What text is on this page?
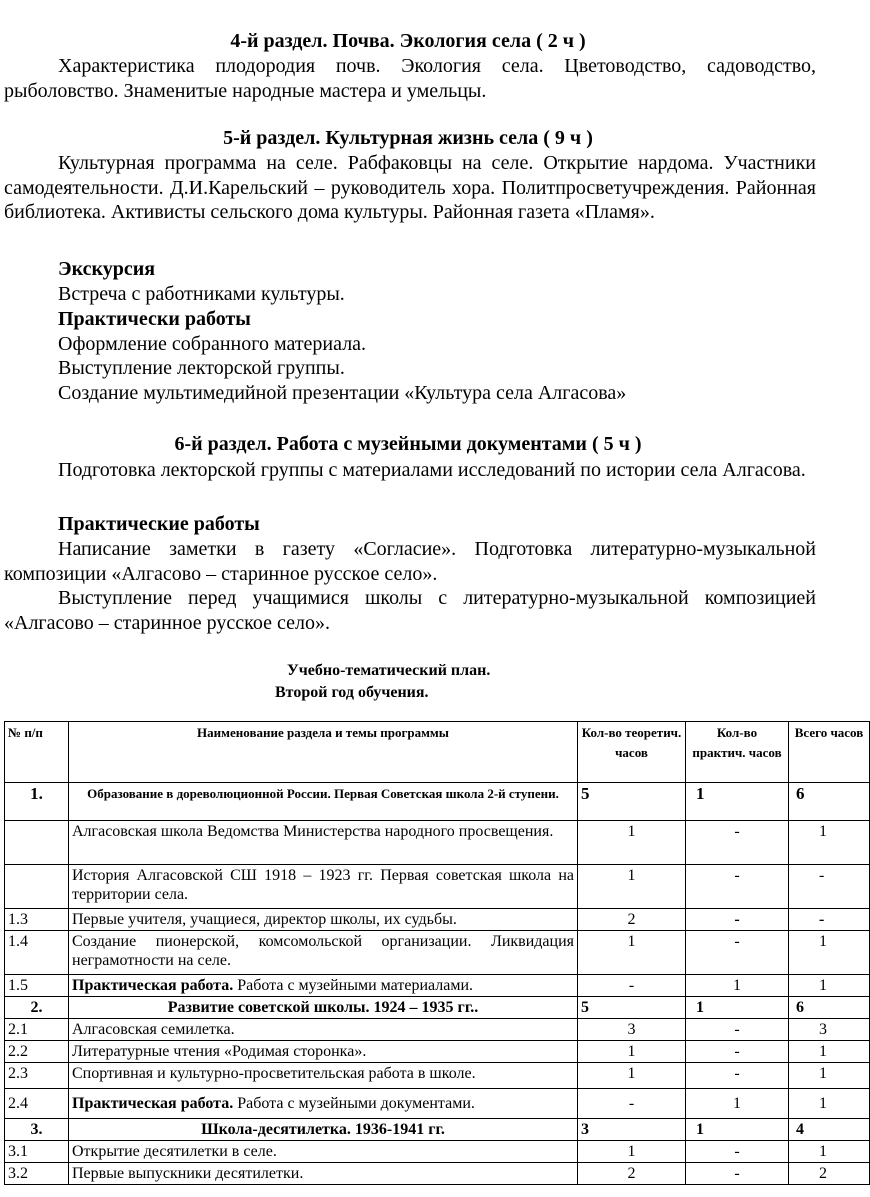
4-й раздел. Почва. Экология села ( 2 ч )

Характеристика плодородия почв. Экология села. Цветоводство, садоводство, рыболовство. Знаменитые народные мастера и умельцы.

5-й раздел. Культурная жизнь села ( 9 ч )

Культурная программа на селе. Рабфаковцы на селе. Открытие нардома. Участники самодеятельности. Д.И.Карельский – руководитель хора. Политпросветучреждения. Районная библиотека. Активисты сельского дома культуры. Районная газета «Пламя».

Экскурсия
Встреча с работниками культуры.
Практически работы
Оформление собранного материала.
Выступление лекторской группы.
Создание мультимедийной презентации «Культура села Алгасова»
6-й раздел. Работа с музейными документами ( 5 ч )

Подготовка лекторской группы с материалами исследований по истории села Алгасова.

Практические работы

Написание заметки в газету «Согласие». Подготовка литературно-музыкальной композиции «Алгасово – старинное русское село».

Выступление перед учащимися школы с литературно-музыкальной композицией «Алгасово – старинное русское село».

Учебно-тематический план.
Второй год обучения.
№ п/п	Наименование раздела и темы программы	Кол-во теоретич. часов	Кол-во практич. часов	Всего часов
1.	Образование в дореволюционной России. Первая Советская школа 2-й ступени.	5	1	6
	Алгасовская школа Ведомства Министерства народного просвещения.	1	-	1
	История Алгасовской СШ 1918 – 1923 гг. Первая советская школа на территории села.	1	-	-
1.3	Первые учителя, учащиеся, директор школы, их судьбы.	2	-	-
1.4	Создание пионерской, комсомольской организации. Ликвидация неграмотности на селе.	1	-	1
1.5	Практическая работа. Работа с музейными материалами.	-	1	1
2.	Развитие советской школы. 1924 – 1935 гг..	5	1	6
2.1	Алгасовская семилетка.	3	-	3
2.2	Литературные чтения «Родимая сторонка».	1	-	1
2.3	Спортивная и культурно-просветительская работа в школе.	1	-	1
2.4	Практическая работа. Работа с музейными документами.	-	1	1
3.	Школа-десятилетка. 1936-1941 гг.	3	1	4
3.1	Открытие десятилетки в селе.	1	-	1
3.2	Первые выпускники десятилетки.	2	-	2
